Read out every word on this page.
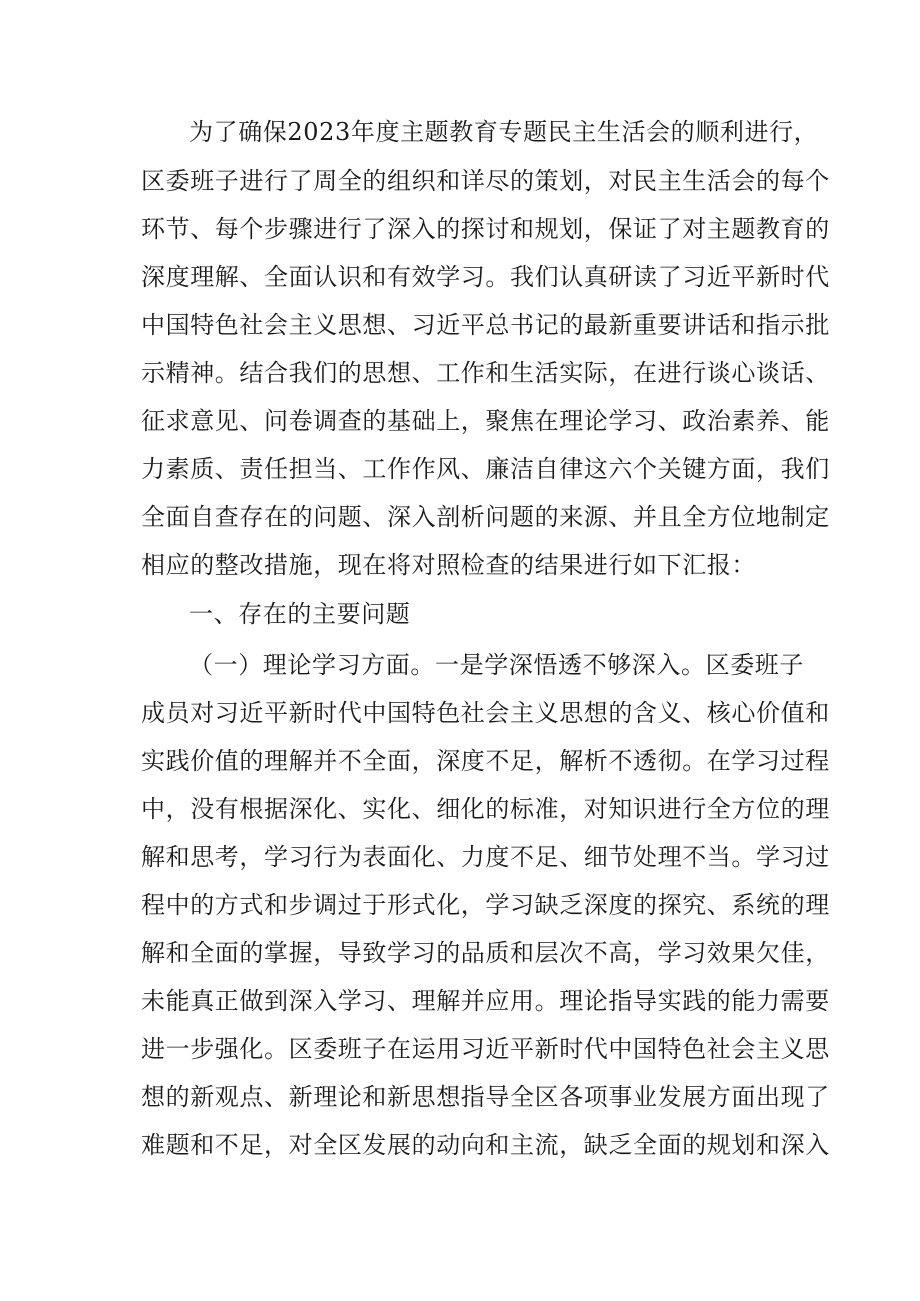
为了确保2023年度主题教育专题民主生活会的顺利进行，
区委班子进行了周全的组织和详尽的策划，对民主生活会的每个
环节、每个步骤进行了深入的探讨和规划，保证了对主题教育的
深度理解、全面认识和有效学习。我们认真研读了习近平新时代
中国特色社会主义思想、习近平总书记的最新重要讲话和指示批
示精神。结合我们的思想、工作和生活实际，在进行谈心谈话、
征求意见、问卷调查的基础上，聚焦在理论学习、政治素养、能
力素质、责任担当、工作作风、廉洁自律这六个关键方面，我们
全面自查存在的问题、深入剖析问题的来源、并且全方位地制定
相应的整改措施，现在将对照检查的结果进行如下汇报：
一、存在的主要问题
（一）理论学习方面。一是学深悟透不够深入。区委班子
成员对习近平新时代中国特色社会主义思想的含义、核心价值和
实践价值的理解并不全面，深度不足，解析不透彻。在学习过程
中，没有根据深化、实化、细化的标准，对知识进行全方位的理
解和思考，学习行为表面化、力度不足、细节处理不当。学习过
程中的方式和步调过于形式化，学习缺乏深度的探究、系统的理
解和全面的掌握，导致学习的品质和层次不高，学习效果欠佳，
未能真正做到深入学习、理解并应用。理论指导实践的能力需要
进一步强化。区委班子在运用习近平新时代中国特色社会主义思
想的新观点、新理论和新思想指导全区各项事业发展方面出现了
难题和不足，对全区发展的动向和主流，缺乏全面的规划和深入
